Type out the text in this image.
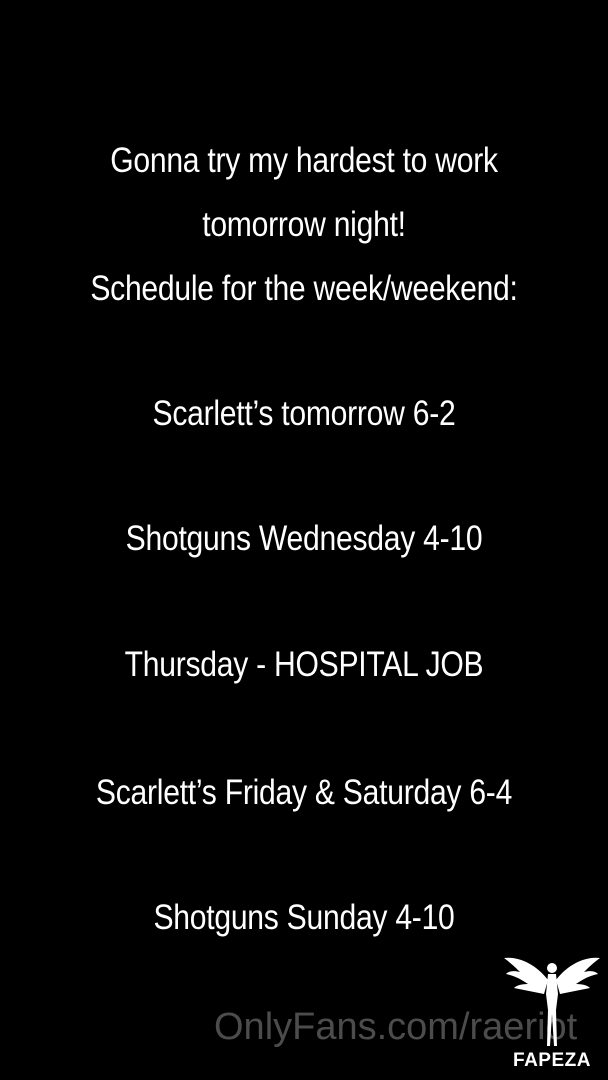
Gonna try my hardest to work
tomorrow night!
Schedule for the week/weekend:
Scarlett’s tomorrow 6-2
Shotguns Wednesday 4-10
Thursday - HOSPITAL JOB
Scarlett’s Friday & Saturday 6-4
Shotguns Sunday 4-10
OnlyFans.com/raeriot
FAPEZA
